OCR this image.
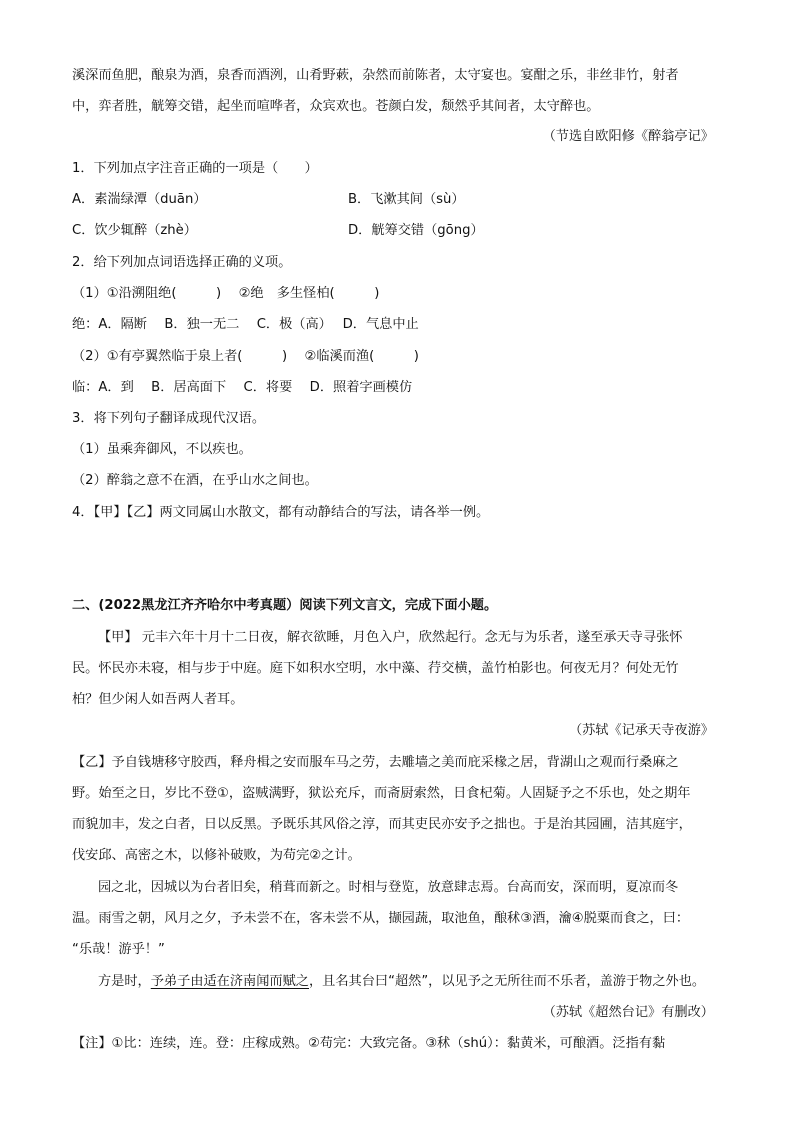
溪深而鱼肥，酿泉为酒，泉香而酒洌，山肴野蔌，杂然而前陈者，太守宴也。宴酣之乐，非丝非竹，射者
中，弈者胜，觥筹交错，起坐而喧哗者，众宾欢也。苍颜白发，颓然乎其间者，太守醉也。
（节选自欧阳修《醉翁亭记》
1．下列加点字注音正确的一项是（　　）
A．素湍绿潭（duān）	B．飞漱其间（sù）
C．饮少辄醉（zhè）	D．觥筹交错（gōng）
2．给下列加点词语选择正确的义项。
（1）①沿溯阻绝(　　　)　 ②绝　多生怪柏(　　　)
绝：A．隔断　 B．独一无二　 C．极（高）　 D．气息中止
（2）①有亭翼然临于泉上者(　　　)　 ②临溪而渔(　　　)
临：A．到　 B．居高面下　 C．将要　 D．照着字画模仿
3．将下列句子翻译成现代汉语。
（1）虽乘奔御风，不以疾也。
（2）醉翁之意不在酒，在乎山水之间也。
4．【甲】【乙】两文同属山水散文，都有动静结合的写法，请各举一例。
二、(2022黑龙江齐齐哈尔中考真题）阅读下列文言文，完成下面小题。
【甲】 元丰六年十月十二日夜，解衣欲睡，月色入户，欣然起行。念无与为乐者，遂至承天寺寻张怀
民。怀民亦未寝，相与步于中庭。庭下如积水空明，水中藻、荇交横，盖竹柏影也。何夜无月？何处无竹
柏？但少闲人如吾两人者耳。
（苏轼《记承天寺夜游》
【乙】予自钱塘移守胶西，释舟楫之安而服车马之劳，去雕墙之美而庇采椽之居，背湖山之观而行桑麻之
野。始至之日，岁比不登①，盗贼满野，狱讼充斥，而斋厨索然，日食杞菊。人固疑予之不乐也，处之期年
而貌加丰，发之白者，日以反黑。予既乐其风俗之淳，而其吏民亦安予之拙也。于是治其园圃，洁其庭宇，
伐安邱、高密之木，以修补破败，为苟完②之计。
园之北，因城以为台者旧矣，稍葺而新之。时相与登览，放意肆志焉。台高而安，深而明，夏凉而冬
温。雨雪之朝，风月之夕，予未尝不在，客未尝不从，撷园蔬，取池鱼，酿秫③酒，瀹④脱粟而食之，曰：
“乐哉！游乎！”
方是时，予弟子由适在济南闻而赋之，且名其台曰“超然”，以见予之无所往而不乐者，盖游于物之外也。
（苏轼《超然台记》有删改）
【注】①比：连续，连。登：庄稼成熟。②苟完：大致完备。③秫（shú）：黏黄米，可酿酒。泛指有黏
